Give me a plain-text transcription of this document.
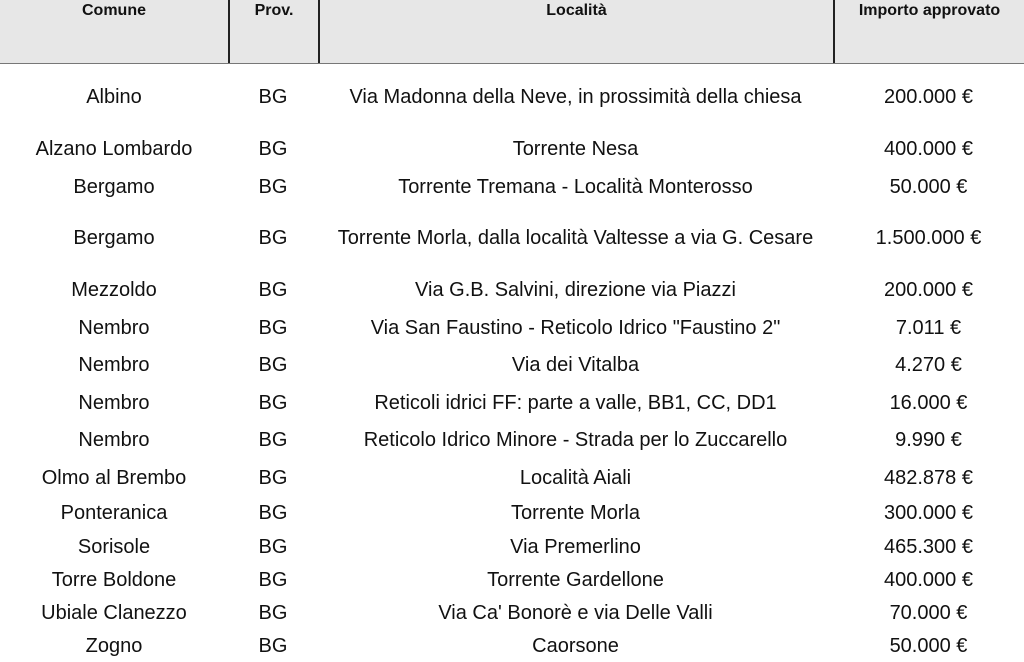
Comune	Prov.	Località	Importo approvato
Albino	BG	Via Madonna della Neve, in prossimità della chiesa	200.000 €
Alzano Lombardo	BG	Torrente Nesa	400.000 €
Bergamo	BG	Torrente Tremana - Località Monterosso	50.000 €
Bergamo	BG	Torrente Morla, dalla località Valtesse a via G. Cesare	1.500.000 €
Mezzoldo	BG	Via G.B. Salvini, direzione via Piazzi	200.000 €
Nembro	BG	Via San Faustino - Reticolo Idrico "Faustino 2"	7.011 €
Nembro	BG	Via dei Vitalba	4.270 €
Nembro	BG	Reticoli idrici FF: parte a valle, BB1, CC, DD1	16.000 €
Nembro	BG	Reticolo Idrico Minore - Strada per lo Zuccarello	9.990 €
Olmo al Brembo	BG	Località Aiali	482.878 €
Ponteranica	BG	Torrente Morla	300.000 €
Sorisole	BG	Via Premerlino	465.300 €
Torre Boldone	BG	Torrente Gardellone	400.000 €
Ubiale Clanezzo	BG	Via Ca' Bonorè e via Delle Valli	70.000 €
Zogno	BG	Caorsone	50.000 €
